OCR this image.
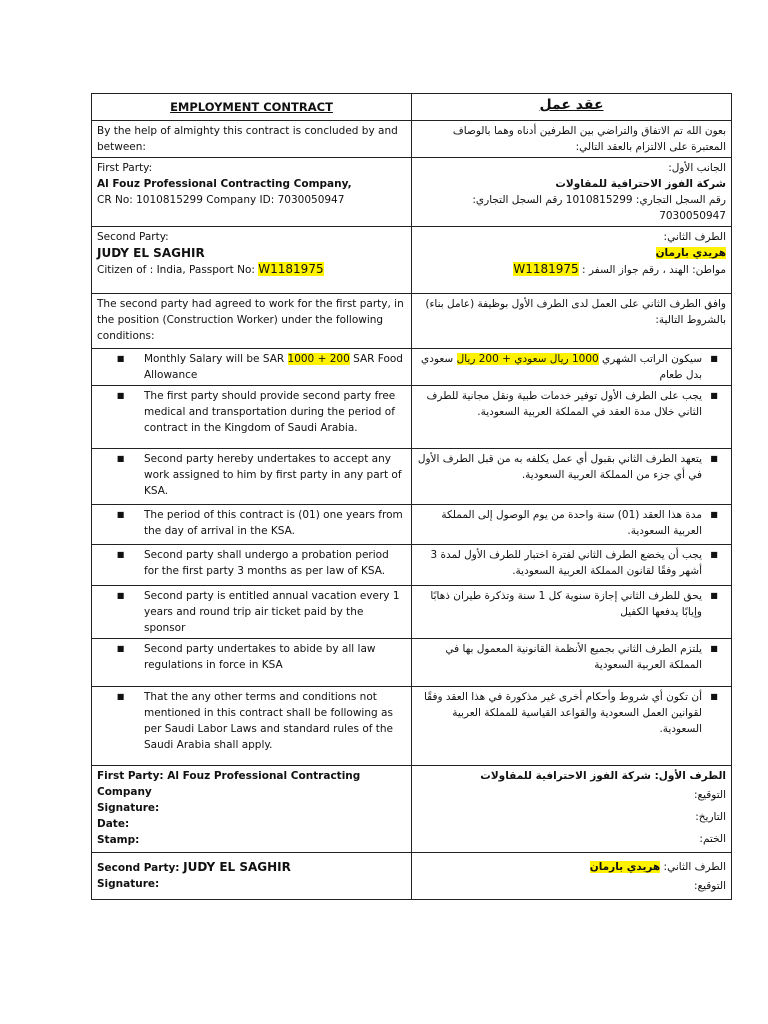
EMPLOYMENT CONTRACT	عقد عمل

By the help of almighty this contract is concluded by and between:	بعون الله تم الاتفاق والتراضي بين الطرفين أدناه وهما بالوصاف المعتبرة على الالتزام بالعقد التالي:

First Party:
Al Fouz Professional Contracting Company,
CR No: 1010815299 Company ID: 7030050947	الجانب الأول:
شركة الفوز الاحترافية للمقاولات
رقم السجل التجاري: 1010815299 رقم السجل التجاري: 7030050947

Second Party:
JUDY EL SAGHIR
Citizen of : India, Passport No: W1181975	الطرف الثاني:
هريدي بارمان
مواطن: الهند ، رقم جواز السفر : W1181975

The second party had agreed to work for the first party, in the position (Construction Worker) under the following conditions:	وافق الطرف الثاني على العمل لدى الطرف الأول بوظيفة (عامل بناء) بالشروط التالية:

■ Monthly Salary will be SAR 1000 + 200 SAR Food Allowance	■
سيكون الراتب الشهري 1000 ريال سعودي + 200 ريال سعودي بدل طعام

■ The first party should provide second party free medical and transportation during the period of contract in the Kingdom of Saudi Arabia.	■
يجب على الطرف الأول توفير خدمات طبية ونقل مجانية للطرف الثاني خلال مدة العقد في المملكة العربية السعودية.

■ Second party hereby undertakes to accept any work assigned to him by first party in any part of KSA.	■
يتعهد الطرف الثاني بقبول أي عمل يكلفه به من قبل الطرف الأول في أي جزء من المملكة العربية السعودية.

■ The period of this contract is (01) one years from the day of arrival in the KSA.	■
مدة هذا العقد (01) سنة واحدة من يوم الوصول إلى المملكة العربية السعودية.

■ Second party shall undergo a probation period for the first party 3 months as per law of KSA.	■
يجب أن يخضع الطرف الثاني لفترة اختبار للطرف الأول لمدة 3 أشهر وفقًا لقانون المملكة العربية السعودية.

■ Second party is entitled annual vacation every 1 years and round trip air ticket paid by the sponsor	■
يحق للطرف الثاني إجازة سنوية كل 1 سنة وتذكرة طيران ذهابًا وإيابًا يدفعها الكفيل

■ Second party undertakes to abide by all law regulations in force in KSA	■
يلتزم الطرف الثاني بجميع الأنظمة القانونية المعمول بها في المملكة العربية السعودية

■ That the any other terms and conditions not mentioned in this contract shall be following as per Saudi Labor Laws and standard rules of the Saudi Arabia shall apply.	■
أن تكون أي شروط وأحكام أخرى غير مذكورة في هذا العقد وفقًا لقوانين العمل السعودية والقواعد القياسية للمملكة العربية السعودية.

First Party: Al Fouz Professional Contracting Company
Signature:
Date:
Stamp:	الطرف الأول: شركة الفوز الاحترافية للمقاولات
التوقيع:
التاريخ:
الختم:

Second Party: JUDY EL SAGHIR
Signature:	الطرف الثاني: هريدي بارمان
التوقيع:
